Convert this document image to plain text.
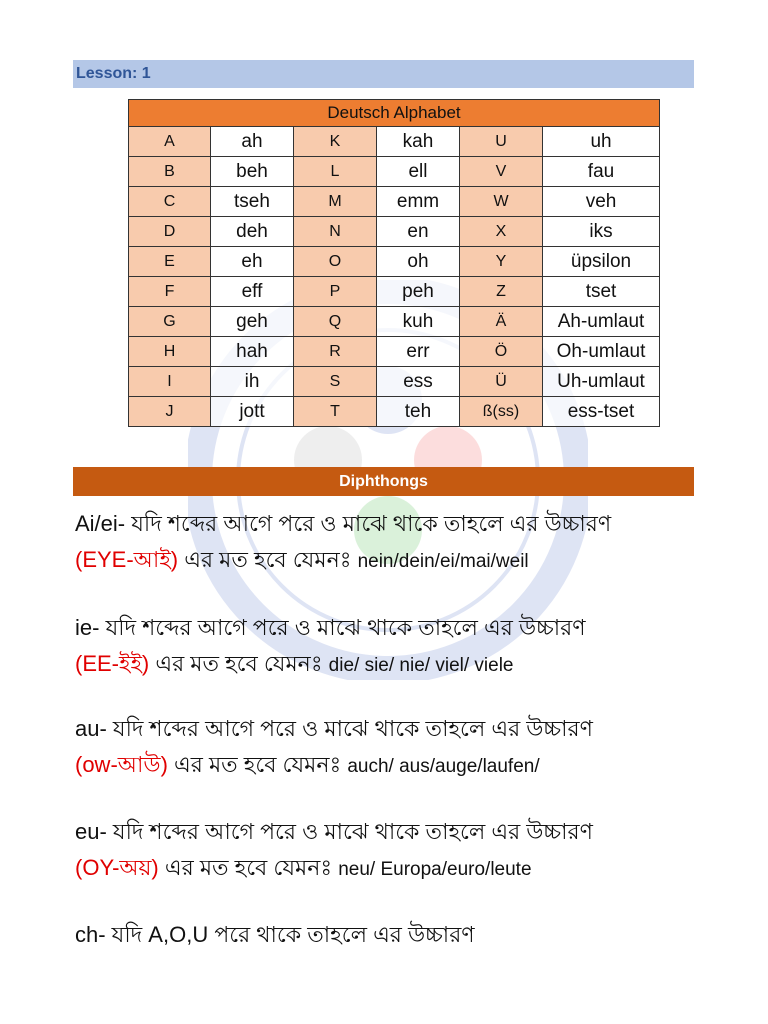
Lesson: 1
Deutsch Alphabet					
A	ah	K	kah	U	uh
B	beh	L	ell	V	fau
C	tseh	M	emm	W	veh
D	deh	N	en	X	iks
E	eh	O	oh	Y	üpsilon
F	eff	P	peh	Z	tset
G	geh	Q	kuh	Ä	Ah-umlaut
H	hah	R	err	Ö	Oh-umlaut
I	ih	S	ess	Ü	Uh-umlaut
J	jott	T	teh	ß(ss)	ess-tset
Diphthongs

Ai/ei- যদি শব্দের আগে পরে ও মাঝে থাকে তাহলে এর উচ্চারণ
(EYE-আই) এর মত হবে যেমনঃ nein/dein/ei/mai/weil

ie- যদি শব্দের আগে পরে ও মাঝে থাকে তাহলে এর উচ্চারণ
(EE-ইই) এর মত হবে যেমনঃ die/ sie/ nie/ viel/ viele

au- যদি শব্দের আগে পরে ও মাঝে থাকে তাহলে এর উচ্চারণ
(ow-আউ) এর মত হবে যেমনঃ auch/ aus/auge/laufen/

eu- যদি শব্দের আগে পরে ও মাঝে থাকে তাহলে এর উচ্চারণ
(OY-অয়) এর মত হবে যেমনঃ neu/ Europa/euro/leute

ch- যদি A,O,U পরে থাকে তাহলে এর উচ্চারণ
